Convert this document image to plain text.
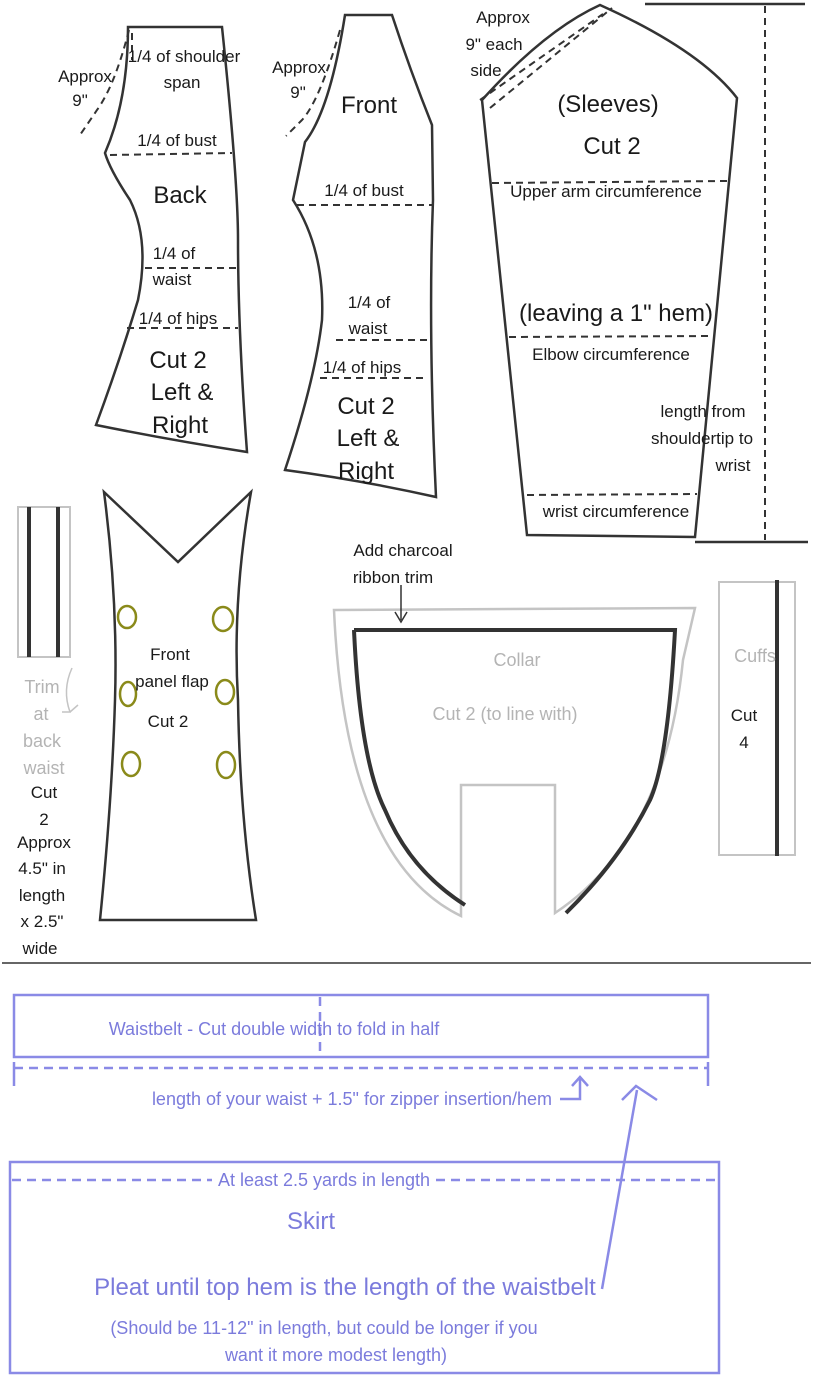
Approx
9"
1/4 of shoulder
span
1/4 of bust
Back
1/4 of
waist
1/4 of hips
Cut 2
Left &
Right
Approx
9" Front
1/4 of bust
1/4 of
waist
1/4 of hips
Cut 2
Left &
Right
Approx
9" each
side
(Sleeves)
Cut 2
Upper arm circumference
(leaving a 1" hem)
Elbow circumference
length from
shouldertip to
wrist
wrist circumference
Trim
at
back
waist
Cut
2
Approx
4.5" in
length
x 2.5"
wide
Front
panel flap
Cut 2
Add charcoal
ribbon trim
Collar
Cut 2 (to line with)
Cuffs
Cut
4
Waistbelt - Cut double width to fold in half
length of your waist + 1.5" for zipper insertion/hem
At least 2.5 yards in length
Skirt
Pleat until top hem is the length of the waistbelt
(Should be 11-12" in length, but could be longer if you
want it more modest length)
